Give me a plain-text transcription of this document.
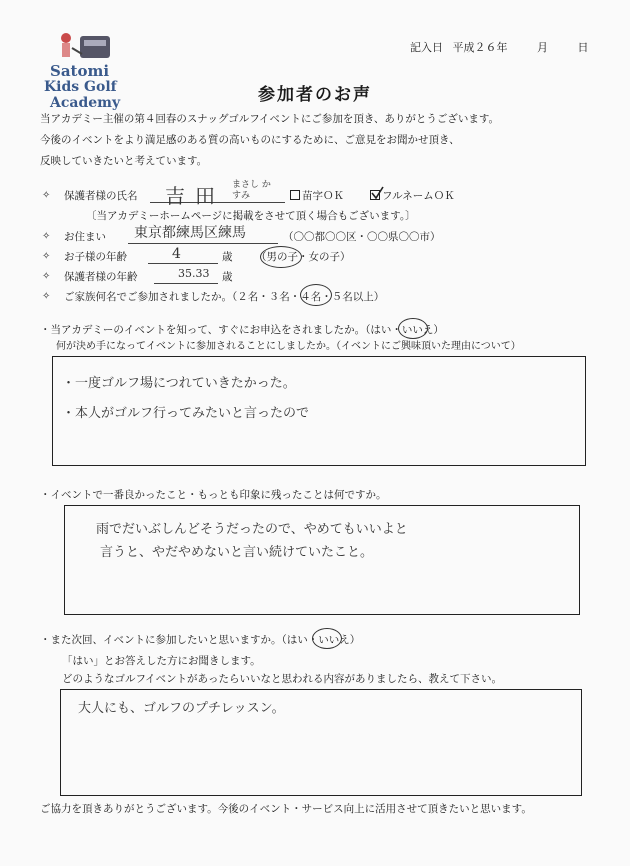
Satomi
Kids Golf
Academy
記入日 平成２６年	月	日
参加者のお声
当アカデミー主催の第４回春のスナッグゴルフイベントにご参加を頂き、ありがとうございます。
今後のイベントをより満足感のある質の高いものにするために、ご意見をお聞かせ頂き、
反映していきたいと考えています。
✧ 保護者様の氏名 吉田 まさし かすみ	苗字ＯＫ	フルネームＯＫ
〔当アカデミーホームページに掲載をさせて頂く場合もございます。〕
✧ お住まい 東京都練馬区練馬	（〇〇都〇〇区・〇〇県〇〇市）
✧ お子様の年齢	4	歳 （男の子・女の子）
✧ 保護者様の年齢	35.33 歳
✧ ご家族何名でご参加されましたか。（２名・３名・４名・５名以上）
・当アカデミーのイベントを知って、すぐにお申込をされましたか。（はい・いいえ）
何が決め手になってイベントに参加されることにしましたか。（イベントにご興味頂いた理由について）
・一度ゴルフ場につれていきたかった。
・本人がゴルフ行ってみたいと言ったので
・イベントで一番良かったこと・もっとも印象に残ったことは何ですか。
雨でだいぶしんどそうだったので、やめてもいいよと
言うと、やだやめないと言い続けていたこと。
・また次回、イベントに参加したいと思いますか。（はい・いいえ）
「はい」とお答えした方にお聞きします。
どのようなゴルフイベントがあったらいいなと思われる内容がありましたら、教えて下さい。
大人にも、ゴルフのプチレッスン。
ご協力を頂きありがとうございます。今後のイベント・サービス向上に活用させて頂きたいと思います。
